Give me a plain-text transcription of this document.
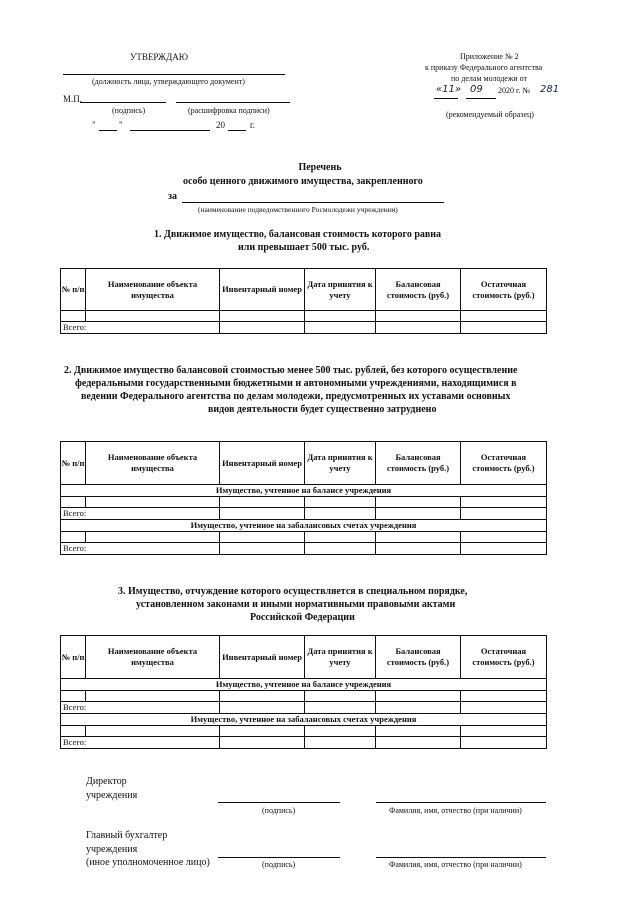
УТВЕРЖДАЮ
(должность лица, утверждающего документ)
М.П.
(подпись)	(расшифровка подписи)
"	"	20	г.
Приложение № 2
к приказу Федерального агентства
по делам молодежи от
«11» 09 2020 г. № 281
(рекомендуемый образец)
Перечень
особо ценного движимого имущества, закрепленного
за
(наименование подведомственного Росмолодежи учреждения)
1. Движимое имущество, балансовая стоимость которого равна
или превышает 500 тыс. руб.
№ п/п	Наименование объекта имущества	Инвентарный номер	Дата принятия к учету	Балансовая стоимость (руб.)	Остаточная стоимость (руб.)

Всего:					
2. Движимое имущество балансовой стоимостью менее 500 тыс. рублей, без которого осуществление
федеральными государственными бюджетными и автономными учреждениями, находящимися в
ведении Федерального агентства по делам молодежи, предусмотренных их уставами основных
видов деятельности будет существенно затруднено
№ п/п	Наименование объекта имущества	Инвентарный номер	Дата принятия к учету	Балансовая стоимость (руб.)	Остаточная стоимость (руб.)
Имущество, учтенное на балансе учреждения					

Всего:					
Имущество, учтенное на забалансовых счетах учреждения					

Всего:					
3. Имущество, отчуждение которого осуществляется в специальном порядке,
установленном законами и иными нормативными правовыми актами
Российской Федерации
№ п/п	Наименование объекта имущества	Инвентарный номер	Дата принятия к учету	Балансовая стоимость (руб.)	Остаточная стоимость (руб.)
Имущество, учтенное на балансе учреждения					

Всего:					
Имущество, учтенное на забалансовых счетах учреждения					

Всего:					
Директор
учреждения
(подпись)	Фамилия, имя, отчество (при наличии)
Главный бухгалтер
учреждения
(иное уполномоченное лицо)	(подпись)	Фамилия, имя, отчество (при наличии)
